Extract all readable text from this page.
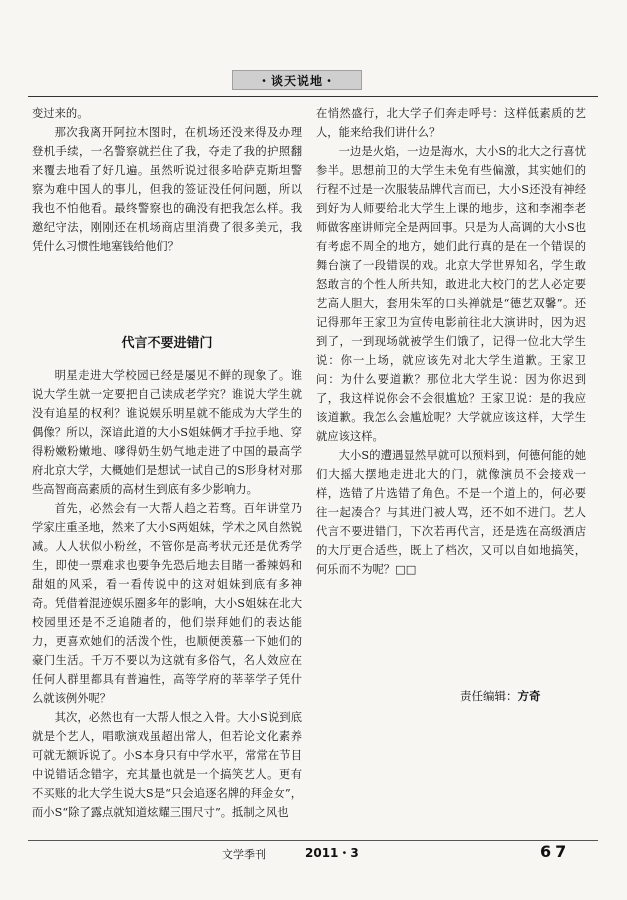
・谈天说地・

变过来的。

那次我离开阿拉木图时，在机场还没来得及办理登机手续，一名警察就拦住了我，夺走了我的护照翻来覆去地看了好几遍。虽然听说过很多哈萨克斯坦警察为难中国人的事儿，但我的签证没任何问题，所以我也不怕他看。最终警察也的确没有把我怎么样。我邀纪守法，刚刚还在机场商店里消费了很多美元，我凭什么习惯性地塞钱给他们？

代言不要进错门

明星走进大学校园已经是屡见不鲜的现象了。谁说大学生就一定要把自己读成老学究？谁说大学生就没有追星的权利？谁说娱乐明星就不能成为大学生的偶像？所以，深谙此道的大小S姐妹俩才手拉手地、穿得粉嫩粉嫩地、嗲得奶生奶气地走进了中国的最高学府北京大学，大概她们是想试一试自己的S形身材对那些高智商高素质的高材生到底有多少影响力。

首先，必然会有一大帮人趋之若骛。百年讲堂乃学家庄重圣地，然来了大小S两姐妹，学术之风自然锐减。人人状似小粉丝，不管你是高考状元还是优秀学生，即使一票难求也要争先恐后地去目睹一番辣妈和甜姐的风采，看一看传说中的这对姐妹到底有多神奇。凭借着混迹娱乐圈多年的影响，大小S姐妹在北大校园里还是不乏追随者的，他们崇拜她们的表达能力，更喜欢她们的活泼个性，也顺便羡慕一下她们的豪门生活。千万不要以为这就有多俗气，名人效应在任何人群里都具有普遍性，高等学府的莘莘学子凭什么就该例外呢？

其次，必然也有一大帮人恨之入骨。大小S说到底就是个艺人，唱歌演戏虽超出常人，但若论文化素养可就无额诉说了。小S本身只有中学水平，常常在节目中说错话念错字，充其量也就是一个搞笑艺人。更有不买账的北大学生说大S是“只会追逐名牌的拜金女”，而小S“除了露点就知道炫耀三围尺寸”。抵制之风也

在悄然盛行，北大学子们奔走呼号：这样低素质的艺人，能来给我们讲什么？

一边是火焰，一边是海水，大小S的北大之行喜忧参半。思想前卫的大学生未免有些偏激，其实她们的行程不过是一次服装品牌代言而已，大小S还没有神经到好为人师要给北大学生上课的地步，这和李湘李老师做客座讲师完全是两回事。只是为人高调的大小S也有考虑不周全的地方，她们此行真的是在一个错误的舞台演了一段错误的戏。北京大学世界知名，学生敢怒敢言的个性人所共知，敢进北大校门的艺人必定要艺高人胆大，套用朱军的口头禅就是“德艺双馨”。还记得那年王家卫为宣传电影前往北大演讲时，因为迟到了，一到现场就被学生们饿了，记得一位北大学生说：你一上场，就应该先对北大学生道歉。王家卫问：为什么要道歉？那位北大学生说：因为你迟到了，我这样说你会不会很尴尬？王家卫说：是的我应该道歉。我怎么会尴尬呢？大学就应该这样，大学生就应该这样。

大小S的遭遇显然早就可以预料到，何德何能的她们大摇大摆地走进北大的门，就像演员不会接戏一样，选错了片选错了角色。不是一个道上的，何必要往一起凑合？与其进门被人骂，还不如不进门。艺人代言不要进错门，下次若再代言，还是选在高级酒店的大厅更合适些，既上了档次，又可以自如地搞笑，何乐而不为呢？□□

责任编辑：方奇
文学季刊	2011・3	67
